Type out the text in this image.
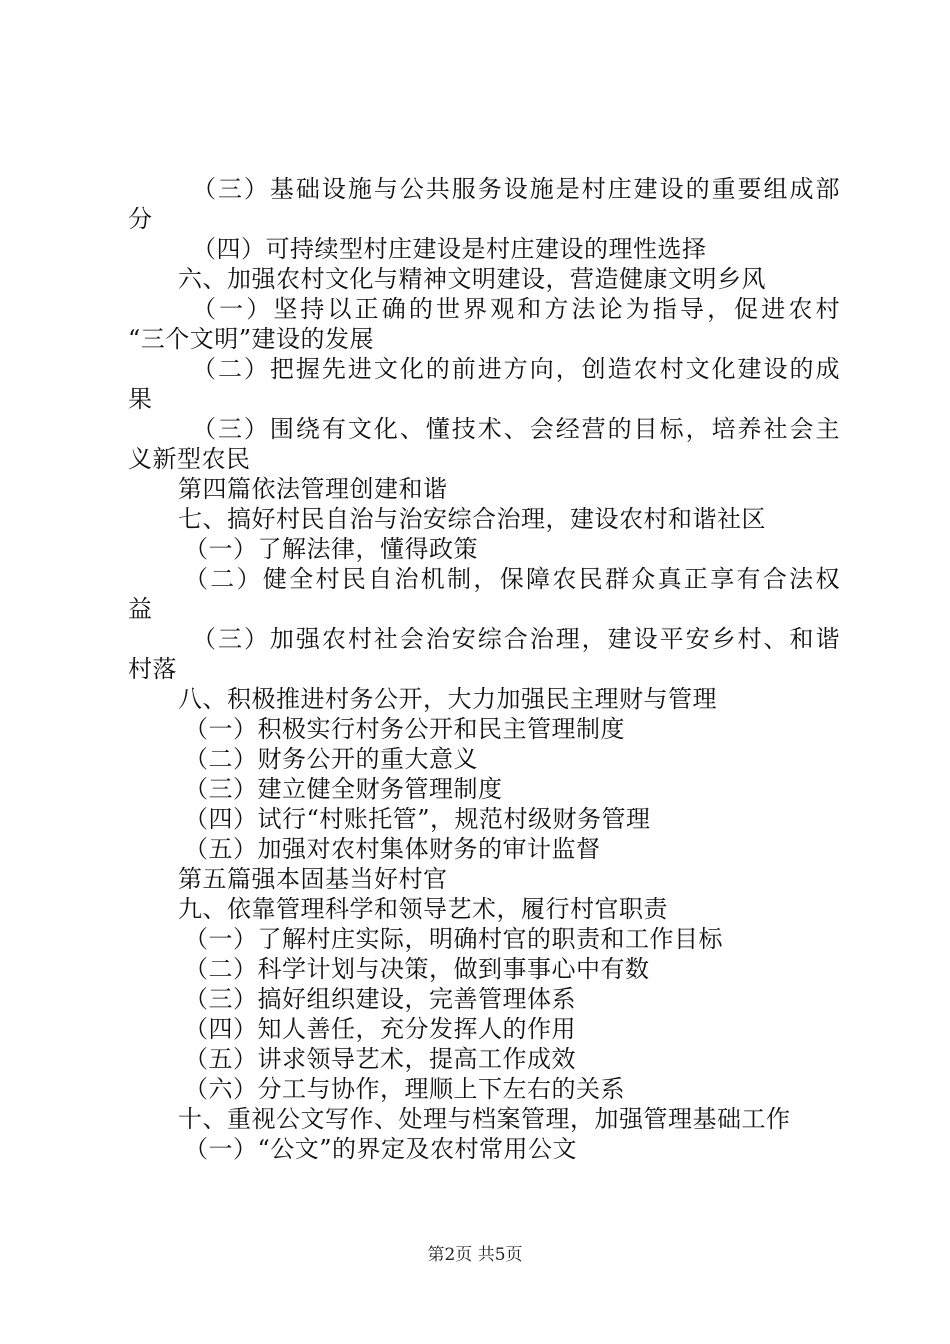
（三）基础设施与公共服务设施是村庄建设的重要组成部
分
（四）可持续型村庄建设是村庄建设的理性选择
六、加强农村文化与精神文明建设，营造健康文明乡风
（一）坚持以正确的世界观和方法论为指导，促进农村
“三个文明”建设的发展
（二）把握先进文化的前进方向，创造农村文化建设的成
果
（三）围绕有文化、懂技术、会经营的目标，培养社会主
义新型农民
第四篇依法管理创建和谐
七、搞好村民自治与治安综合治理，建设农村和谐社区
（一）了解法律，懂得政策
（二）健全村民自治机制，保障农民群众真正享有合法权
益
（三）加强农村社会治安综合治理，建设平安乡村、和谐
村落
八、积极推进村务公开，大力加强民主理财与管理
（一）积极实行村务公开和民主管理制度
（二）财务公开的重大意义
（三）建立健全财务管理制度
（四）试行“村账托管”，规范村级财务管理
（五）加强对农村集体财务的审计监督
第五篇强本固基当好村官
九、依靠管理科学和领导艺术，履行村官职责
（一）了解村庄实际，明确村官的职责和工作目标
（二）科学计划与决策，做到事事心中有数
（三）搞好组织建设，完善管理体系
（四）知人善任，充分发挥人的作用
（五）讲求领导艺术，提高工作成效
（六）分工与协作，理顺上下左右的关系
十、重视公文写作、处理与档案管理，加强管理基础工作
（一）“公文”的界定及农村常用公文
第2页 共5页
